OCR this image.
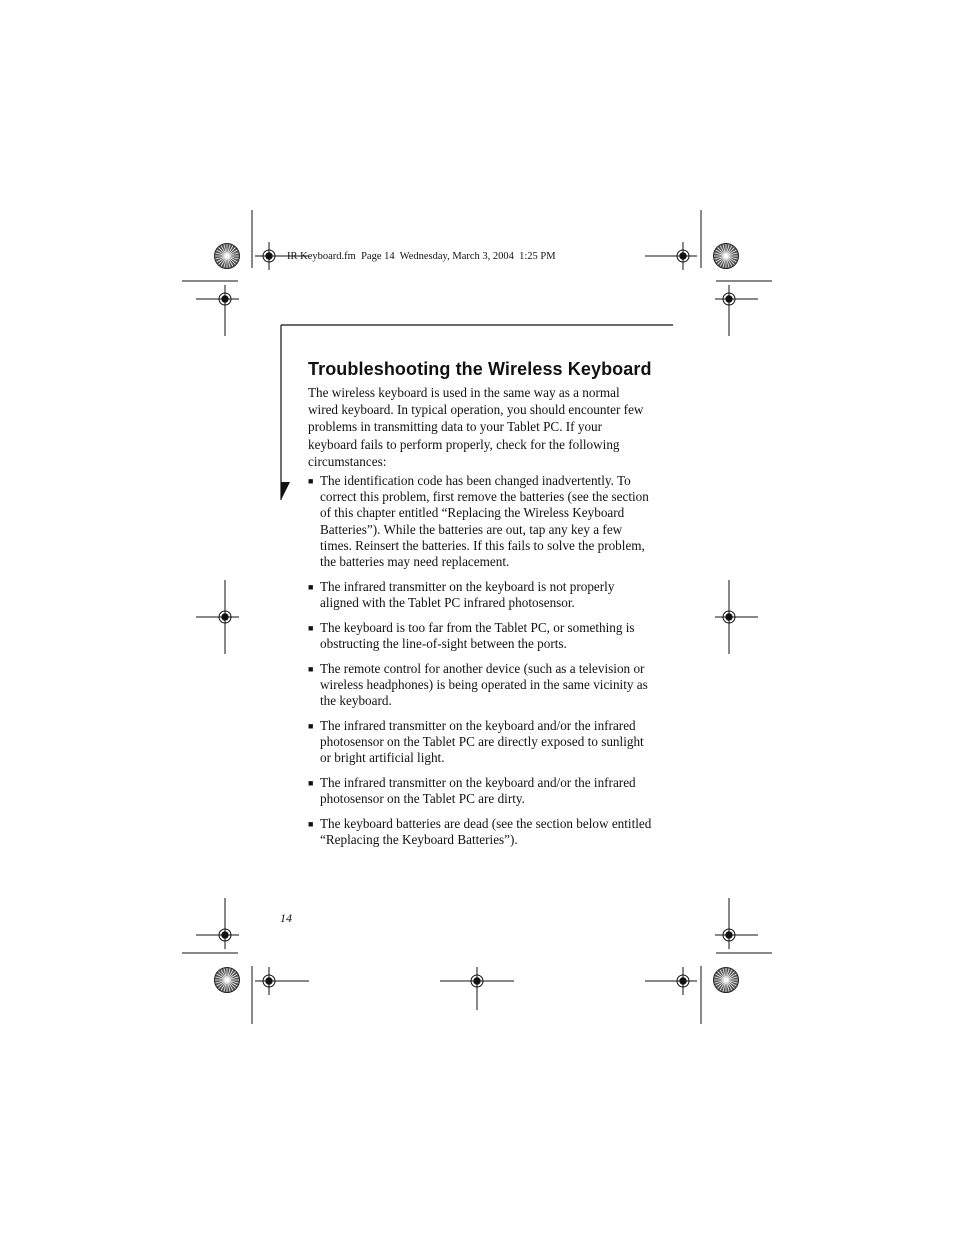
IR Keyboard.fm  Page 14  Wednesday, March 3, 2004  1:25 PM
Troubleshooting the Wireless Keyboard

The wireless keyboard is used in the same way as a normal wired keyboard. In typical operation, you should encounter few problems in transmitting data to your Tablet PC. If your keyboard fails to perform properly, check for the following circumstances:

■ The identification code has been changed inadvertently. To correct this problem, first remove the batteries (see the section of this chapter entitled “Replacing the Wireless Keyboard Batteries”). While the batteries are out, tap any key a few times. Reinsert the batteries. If this fails to solve the problem, the batteries may need replacement.
■ The infrared transmitter on the keyboard is not properly aligned with the Tablet PC infrared photosensor.
■ The keyboard is too far from the Tablet PC, or something is obstructing the line-of-sight between the ports.
■ The remote control for another device (such as a television or wireless headphones) is being operated in the same vicinity as the keyboard.
■ The infrared transmitter on the keyboard and/or the infrared photosensor on the Tablet PC are directly exposed to sunlight or bright artificial light.
■ The infrared transmitter on the keyboard and/or the infrared photosensor on the Tablet PC are dirty.
■ The keyboard batteries are dead (see the section below entitled “Replacing the Keyboard Batteries”).
14
